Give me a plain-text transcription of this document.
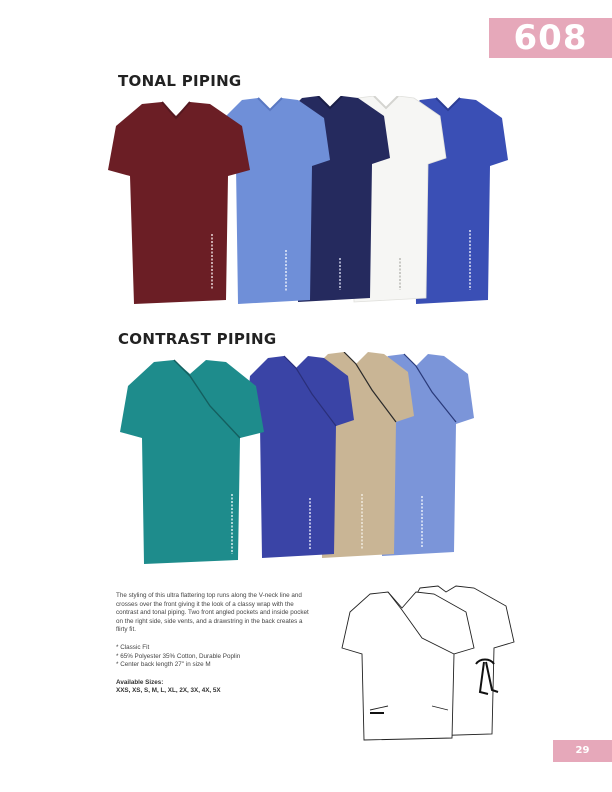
608
TONAL PIPING
CONTRAST PIPING

The styling of this ultra flattering top runs along the V-neck line and crosses over the front giving it the look of a classy wrap with the contrast and tonal piping. Two front angled pockets and inside pocket on the right side, side vents, and a drawstring in the back creates a flirty fit.

* Classic Fit
* 65% Polyester 35% Cotton, Durable Poplin
* Center back length 27" in size M
Available Sizes:
XXS, XS, S, M, L, XL, 2X, 3X, 4X, 5X
29
